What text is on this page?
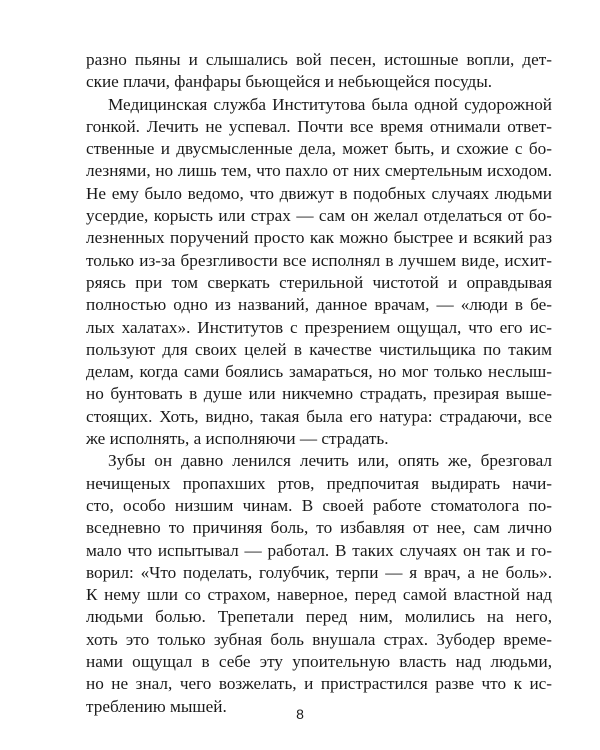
разно пьяны и слышались вой песен, истошные вопли, дет-
ские плачи, фанфары бьющейся и небьющейся посуды.
Медицинская служба Институтова была одной судорожной
гонкой. Лечить не успевал. Почти все время отнимали ответ-
ственные и двусмысленные дела, может быть, и схожие с бо-
лезнями, но лишь тем, что пахло от них смертельным исходом.
Не ему было ведомо, что движут в подобных случаях людьми
усердие, корысть или страх — сам он желал отделаться от бо-
лезненных поручений просто как можно быстрее и всякий раз
только из-за брезгливости все исполнял в лучшем виде, исхит-
ряясь при том сверкать стерильной чистотой и оправдывая
полностью одно из названий, данное врачам, — «люди в бе-
лых халатах». Институтов с презрением ощущал, что его ис-
пользуют для своих целей в качестве чистильщика по таким
делам, когда сами боялись замараться, но мог только неслыш-
но бунтовать в душе или никчемно страдать, презирая выше-
стоящих. Хоть, видно, такая была его натура: страдаючи, все
же исполнять, а исполняючи — страдать.
Зубы он давно ленился лечить или, опять же, брезговал
нечищеных пропахших ртов, предпочитая выдирать начи-
сто, особо низшим чинам. В своей работе стоматолога по-
вседневно то причиняя боль, то избавляя от нее, сам лично
мало что испытывал — работал. В таких случаях он так и го-
ворил: «Что поделать, голубчик, терпи — я врач, а не боль».
К нему шли со страхом, наверное, перед самой властной над
людьми болью. Трепетали перед ним, молились на него,
хоть это только зубная боль внушала страх. Зубодер време-
нами ощущал в себе эту упоительную власть над людьми,
но не знал, чего возжелать, и пристрастился разве что к ис-
треблению мышей.	8
